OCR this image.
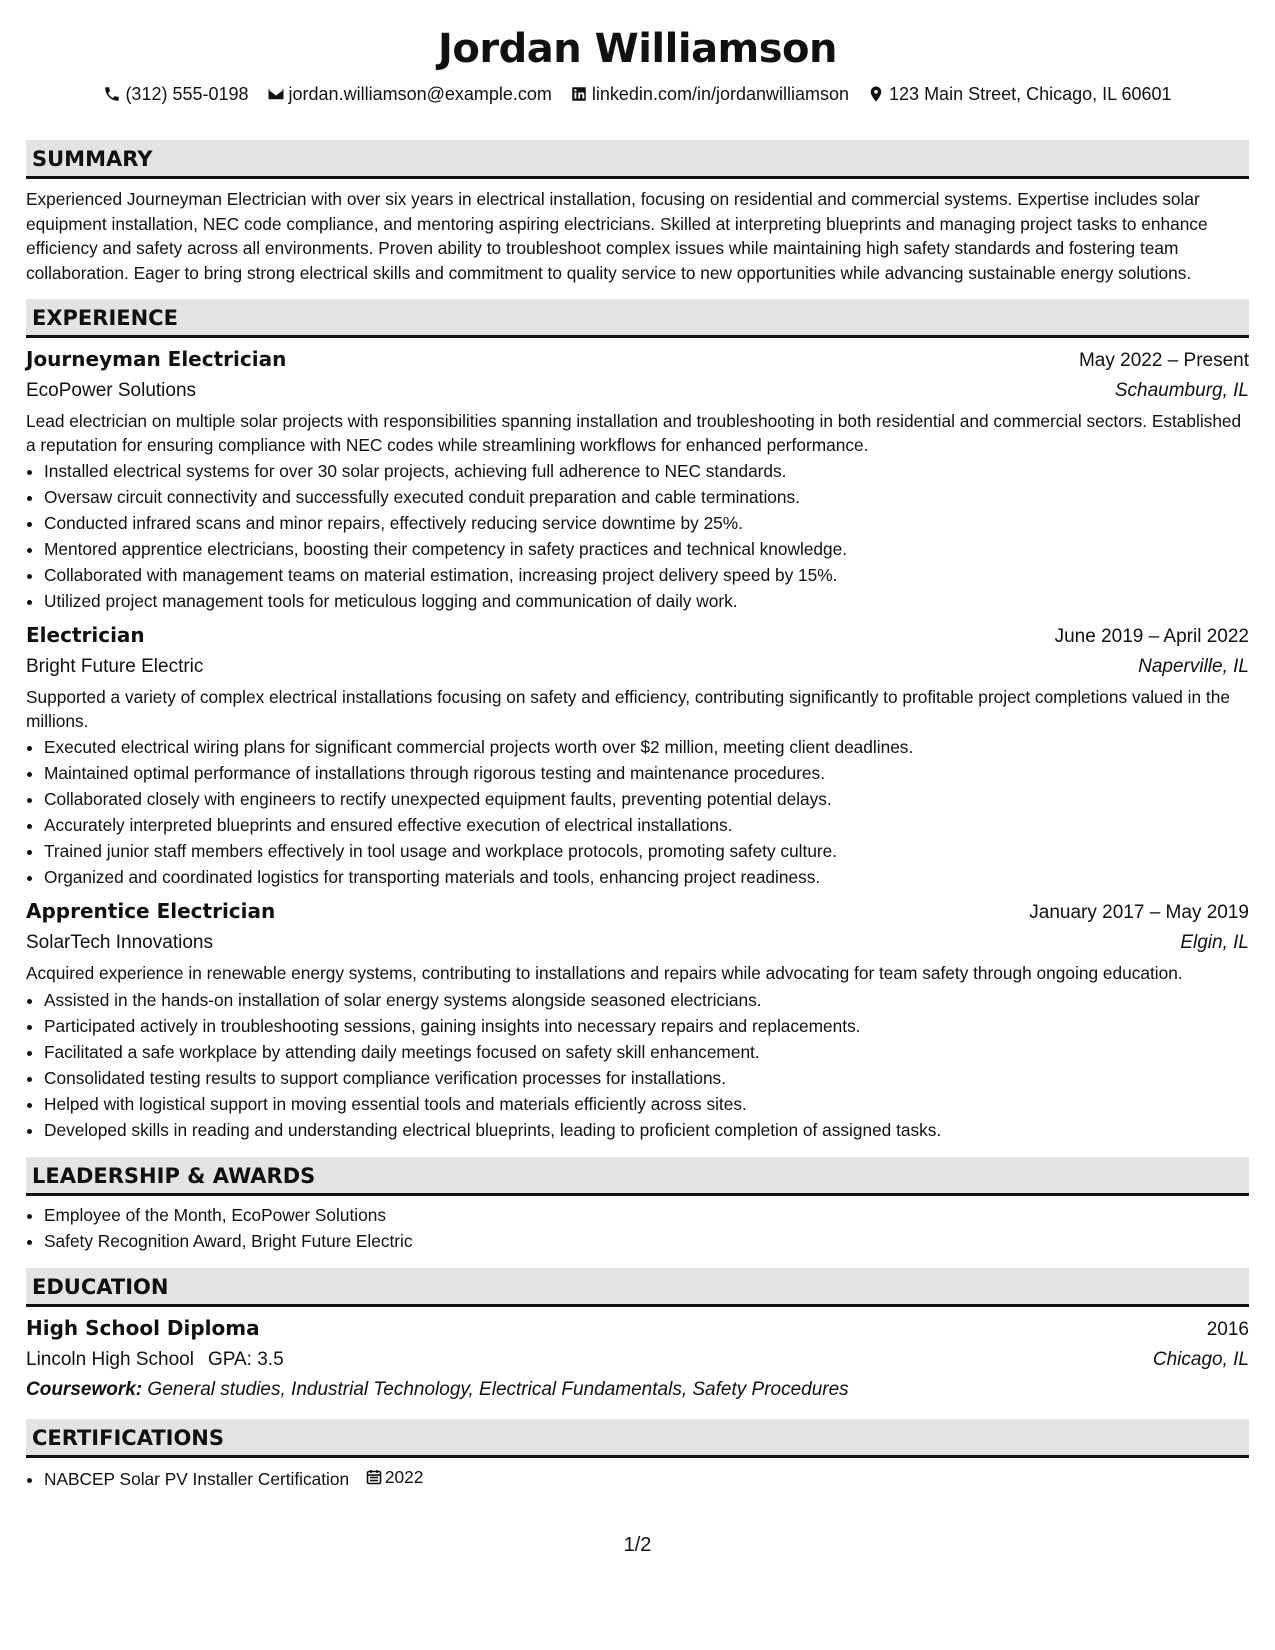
Jordan Williamson
(312) 555-0198 jordan.williamson@example.com linkedin.com/in/jordanwilliamson 123 Main Street, Chicago, IL 60601
SUMMARY
Experienced Journeyman Electrician with over six years in electrical installation, focusing on residential and commercial systems. Expertise includes solar equipment installation, NEC code compliance, and mentoring aspiring electricians. Skilled at interpreting blueprints and managing project tasks to enhance efficiency and safety across all environments. Proven ability to troubleshoot complex issues while maintaining high safety standards and fostering team collaboration. Eager to bring strong electrical skills and commitment to quality service to new opportunities while advancing sustainable energy solutions.
EXPERIENCE
Journeyman Electrician	May 2022 – Present
EcoPower Solutions	Schaumburg, IL
Lead electrician on multiple solar projects with responsibilities spanning installation and troubleshooting in both residential and commercial sectors. Established a reputation for ensuring compliance with NEC codes while streamlining workflows for enhanced performance.
• Installed electrical systems for over 30 solar projects, achieving full adherence to NEC standards.
• Oversaw circuit connectivity and successfully executed conduit preparation and cable terminations.
• Conducted infrared scans and minor repairs, effectively reducing service downtime by 25%.
• Mentored apprentice electricians, boosting their competency in safety practices and technical knowledge.
• Collaborated with management teams on material estimation, increasing project delivery speed by 15%.
• Utilized project management tools for meticulous logging and communication of daily work.
Electrician	June 2019 – April 2022
Bright Future Electric	Naperville, IL
Supported a variety of complex electrical installations focusing on safety and efficiency, contributing significantly to profitable project completions valued in the millions.
• Executed electrical wiring plans for significant commercial projects worth over $2 million, meeting client deadlines.
• Maintained optimal performance of installations through rigorous testing and maintenance procedures.
• Collaborated closely with engineers to rectify unexpected equipment faults, preventing potential delays.
• Accurately interpreted blueprints and ensured effective execution of electrical installations.
• Trained junior staff members effectively in tool usage and workplace protocols, promoting safety culture.
• Organized and coordinated logistics for transporting materials and tools, enhancing project readiness.
Apprentice Electrician	January 2017 – May 2019
SolarTech Innovations	Elgin, IL
Acquired experience in renewable energy systems, contributing to installations and repairs while advocating for team safety through ongoing education.
• Assisted in the hands-on installation of solar energy systems alongside seasoned electricians.
• Participated actively in troubleshooting sessions, gaining insights into necessary repairs and replacements.
• Facilitated a safe workplace by attending daily meetings focused on safety skill enhancement.
• Consolidated testing results to support compliance verification processes for installations.
• Helped with logistical support in moving essential tools and materials efficiently across sites.
• Developed skills in reading and understanding electrical blueprints, leading to proficient completion of assigned tasks.
LEADERSHIP & AWARDS
• Employee of the Month, EcoPower Solutions
• Safety Recognition Award, Bright Future Electric
EDUCATION
High School Diploma	2016
Lincoln High School GPA: 3.5	Chicago, IL
Coursework: General studies, Industrial Technology, Electrical Fundamentals, Safety Procedures
CERTIFICATIONS
• NABCEP Solar PV Installer Certification 2022
1/2
